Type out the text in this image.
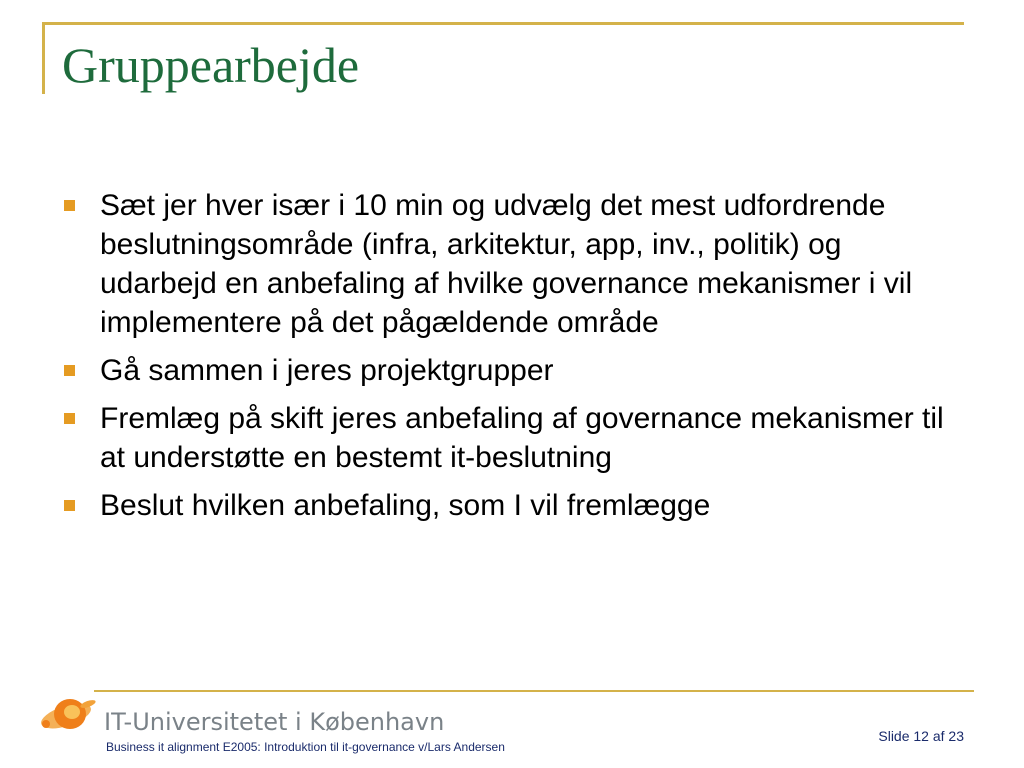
Gruppearbejde
Sæt jer hver især i 10 min og udvælg det mest udfordrende beslutningsområde (infra, arkitektur, app, inv., politik) og udarbejd en anbefaling af hvilke governance mekanismer i vil implementere på det pågældende område
Gå sammen i jeres projektgrupper
Fremlæg på skift jeres anbefaling af governance mekanismer til at understøtte en bestemt it-beslutning
Beslut hvilken anbefaling, som I vil fremlægge
IT-Universitetet i København
Business it alignment E2005: Introduktion til it-governance v/Lars Andersen
Slide 12 af 23
